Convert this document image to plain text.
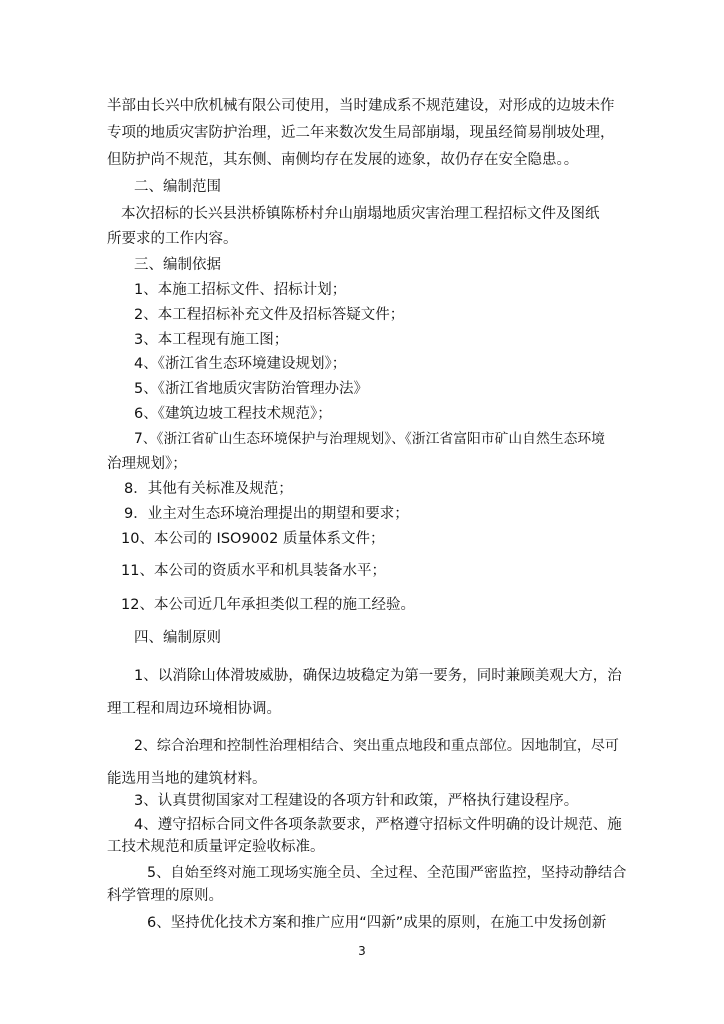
半部由长兴中欣机械有限公司使用，当时建成系不规范建设，对形成的边坡未作
专项的地质灾害防护治理，近二年来数次发生局部崩塌，现虽经简易削坡处理，
但防护尚不规范，其东侧、南侧均存在发展的迹象，故仍存在安全隐患。。
二、编制范围
本次招标的长兴县洪桥镇陈桥村弁山崩塌地质灾害治理工程招标文件及图纸
所要求的工作内容。
三、编制依据
1、本施工招标文件、招标计划；
2、本工程招标补充文件及招标答疑文件；
3、本工程现有施工图；
4、《浙江省生态环境建设规划》；
5、《浙江省地质灾害防治管理办法》
6、《建筑边坡工程技术规范》；
7、《浙江省矿山生态环境保护与治理规划》、《浙江省富阳市矿山自然生态环境
治理规划》；
8．其他有关标准及规范；
9．业主对生态环境治理提出的期望和要求；
10、本公司的 ISO9002 质量体系文件；
11、本公司的资质水平和机具装备水平；
12、本公司近几年承担类似工程的施工经验。
四、编制原则
1、以消除山体滑坡威胁，确保边坡稳定为第一要务，同时兼顾美观大方，治
理工程和周边环境相协调。
2、综合治理和控制性治理相结合、突出重点地段和重点部位。因地制宜，尽可
能选用当地的建筑材料。
3、认真贯彻国家对工程建设的各项方针和政策，严格执行建设程序。
4、遵守招标合同文件各项条款要求，严格遵守招标文件明确的设计规范、施
工技术规范和质量评定验收标准。
5、自始至终对施工现场实施全员、全过程、全范围严密监控，坚持动静结合
科学管理的原则。
6、坚持优化技术方案和推广应用“四新”成果的原则，在施工中发扬创新
3
